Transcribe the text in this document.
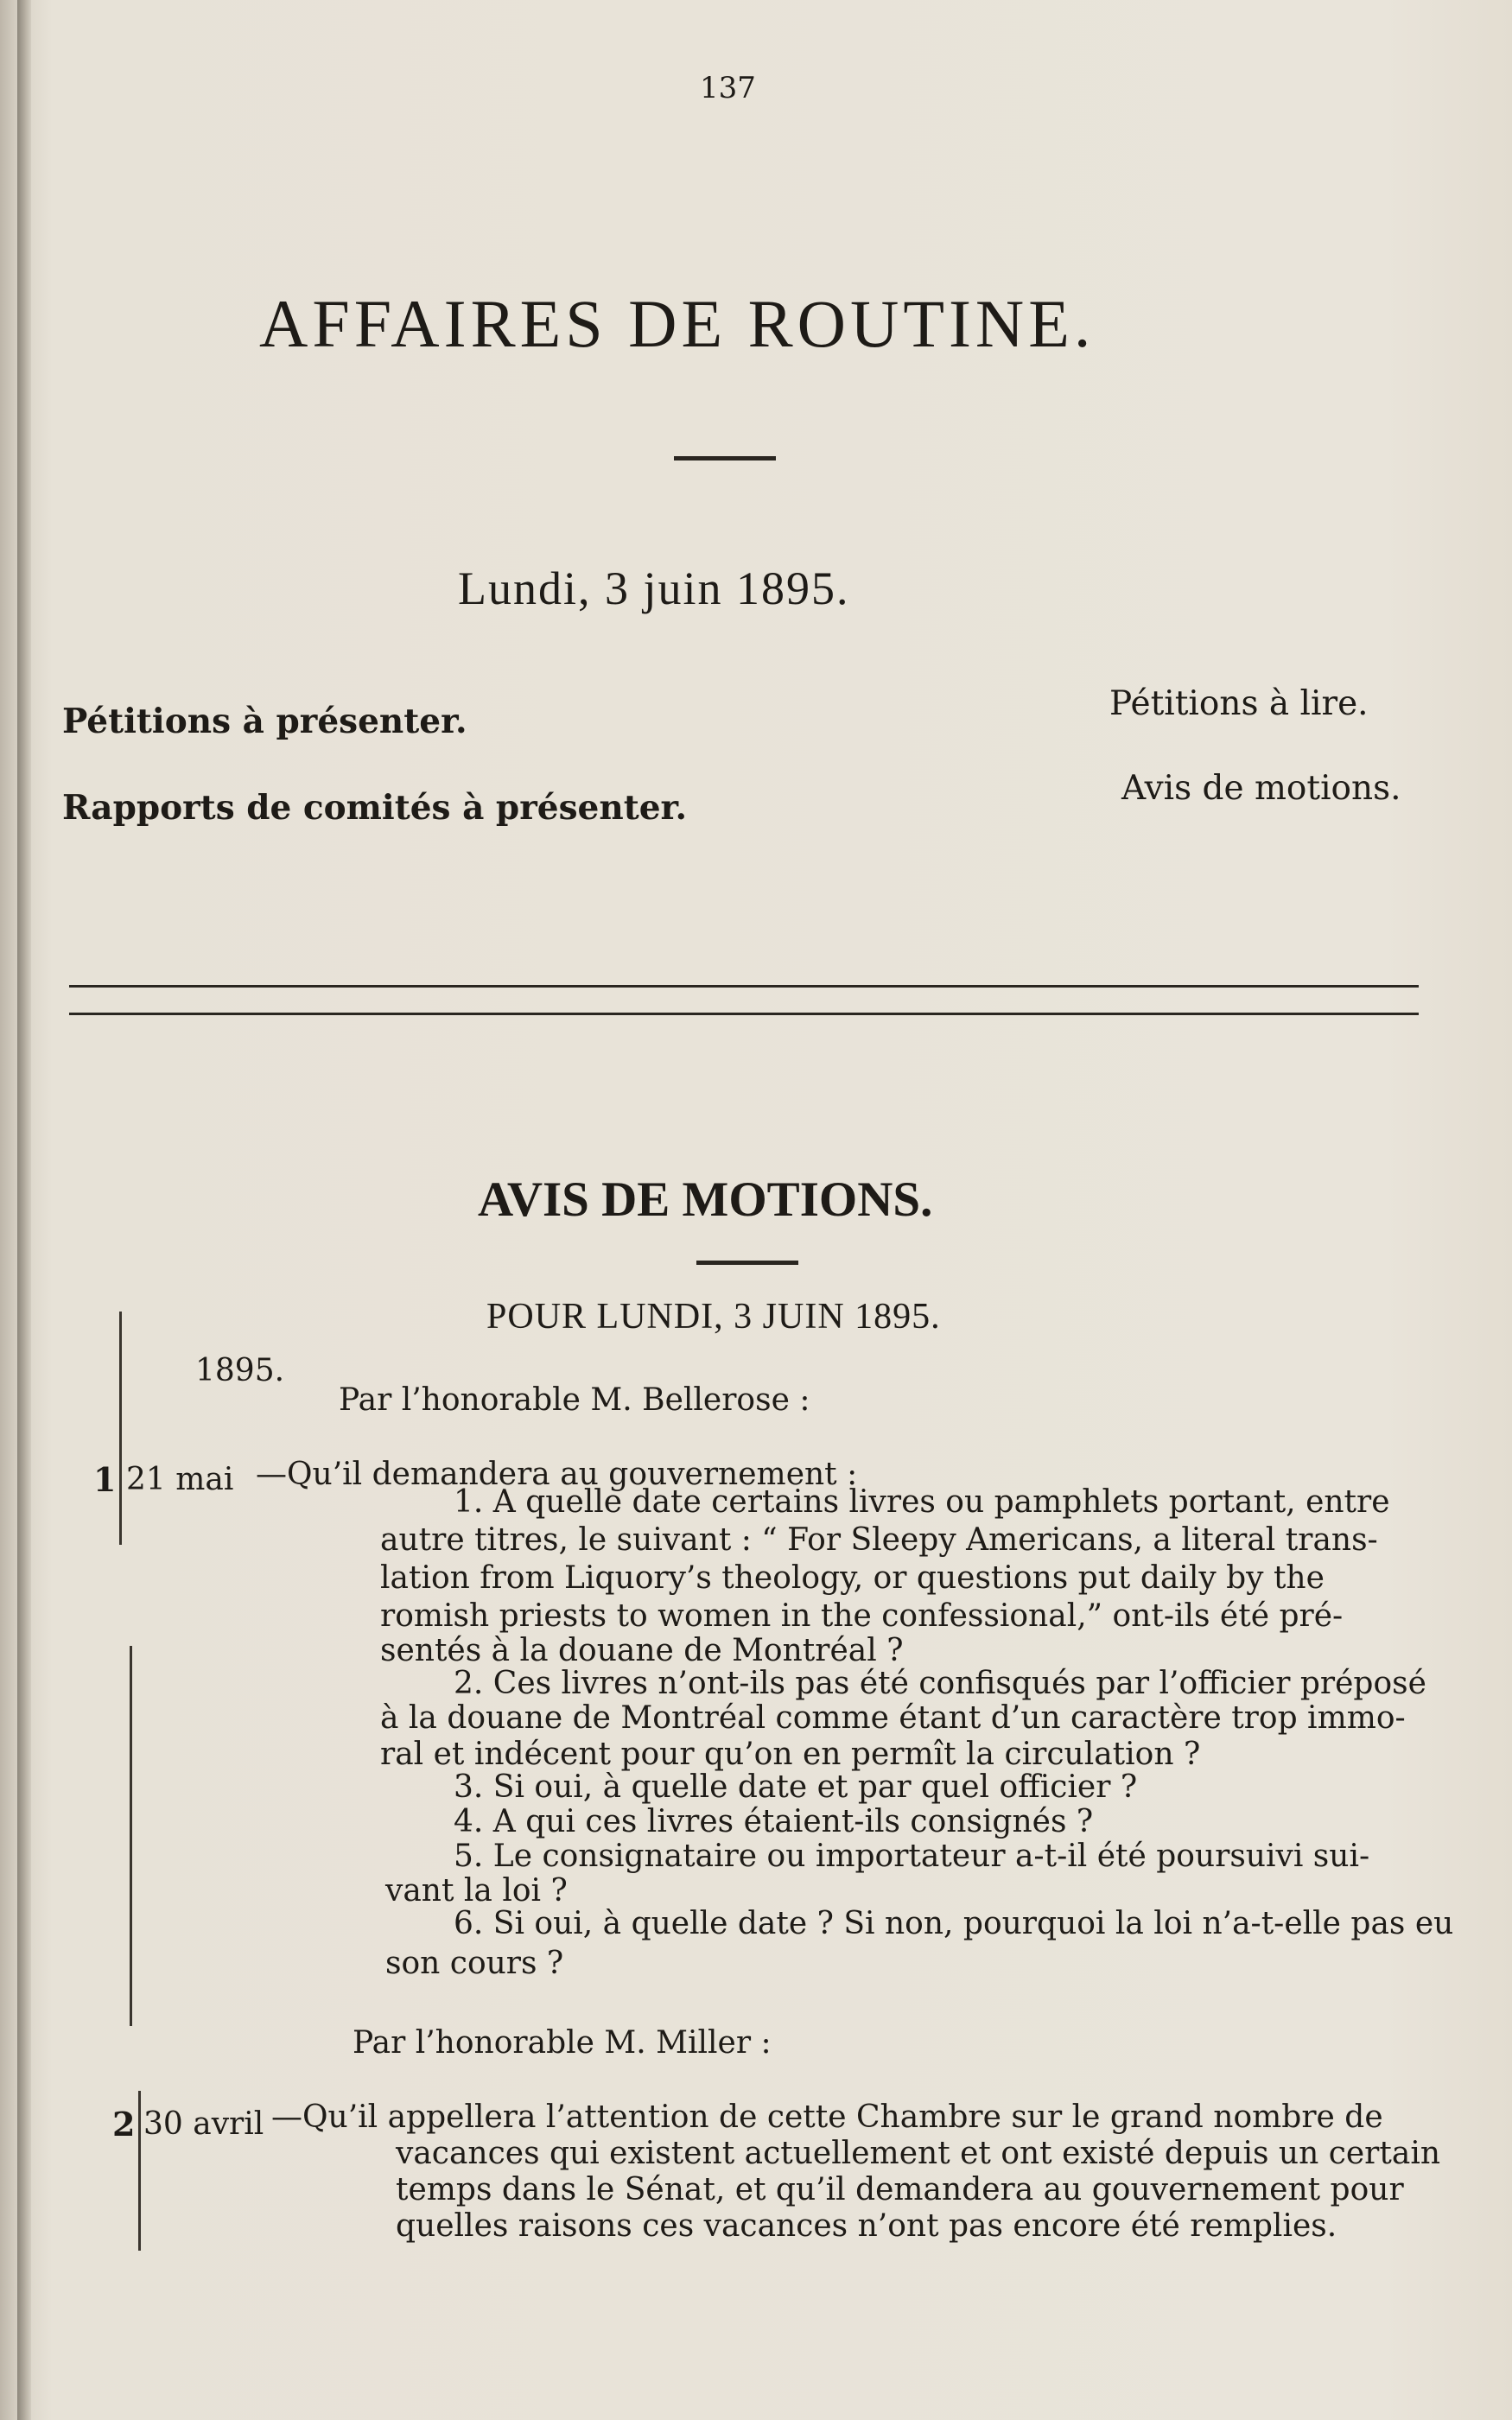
137
AFFAIRES DE ROUTINE.
Lundi, 3 juin 1895.
Pétitions à présenter.
Rapports de comités à présenter.
Pétitions à lire.
Avis de motions.
AVIS DE MOTIONS.
POUR LUNDI, 3 JUIN 1895.
1895.
Par l’honorable M. Bellerose :
1 21 mai —Qu’il demandera au gouvernement :
1. A quelle date certains livres ou pamphlets portant, entre
autre titres, le suivant : “ For Sleepy Americans, a literal trans-
lation from Liquory’s theology, or questions put daily by the
romish priests to women in the confessional,” ont-ils été pré-
sentés à la douane de Montréal ?
2. Ces livres n’ont-ils pas été confisqués par l’officier préposé
à la douane de Montréal comme étant d’un caractère trop immo-
ral et indécent pour qu’on en permît la circulation ?
3. Si oui, à quelle date et par quel officier ?
4. A qui ces livres étaient-ils consignés ?
5. Le consignataire ou importateur a-t-il été poursuivi sui-
vant la loi ?
6. Si oui, à quelle date ? Si non, pourquoi la loi n’a-t-elle pas eu
son cours ?
Par l’honorable M. Miller :
2 30 avril —Qu’il appellera l’attention de cette Chambre sur le grand nombre de
vacances qui existent actuellement et ont existé depuis un certain
temps dans le Sénat, et qu’il demandera au gouvernement pour
quelles raisons ces vacances n’ont pas encore été remplies.
